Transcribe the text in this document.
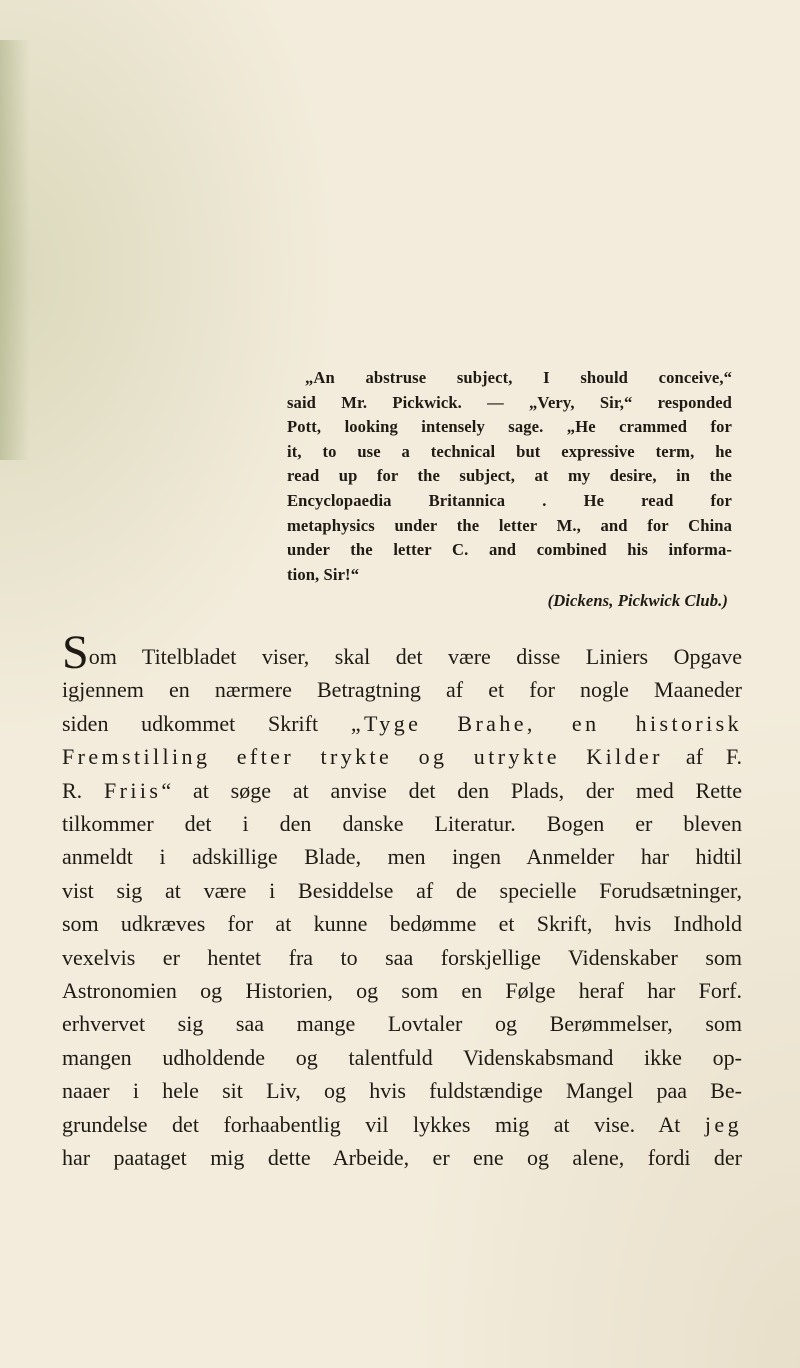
„An abstruse subject, I should conceive,“
said Mr. Pickwick. — „Very, Sir,“ responded
Pott, looking intensely sage. „He crammed for
it, to use a technical but expressive term, he
read up for the subject, at my desire, in the
Encyclopaedia Britannica . He read for
metaphysics under the letter M., and for China
under the letter C. and combined his informa-
tion, Sir!“
(Dickens, Pickwick Club.)
Som Titelbladet viser, skal det være disse Liniers Opgave
igjennem en nærmere Betragtning af et for nogle Maaneder
siden udkommet Skrift „Tyge Brahe, en historisk
Fremstilling efter trykte og utrykte Kilder af F.
R. Friis“ at søge at anvise det den Plads, der med Rette
tilkommer det i den danske Literatur. Bogen er bleven
anmeldt i adskillige Blade, men ingen Anmelder har hidtil
vist sig at være i Besiddelse af de specielle Forudsætninger,
som udkræves for at kunne bedømme et Skrift, hvis Indhold
vexelvis er hentet fra to saa forskjellige Videnskaber som
Astronomien og Historien, og som en Følge heraf har Forf.
erhvervet sig saa mange Lovtaler og Berømmelser, som
mangen udholdende og talentfuld Videnskabsmand ikke op-
naaer i hele sit Liv, og hvis fuldstændige Mangel paa Be-
grundelse det forhaabentlig vil lykkes mig at vise. At jeg
har paataget mig dette Arbeide, er ene og alene, fordi der
